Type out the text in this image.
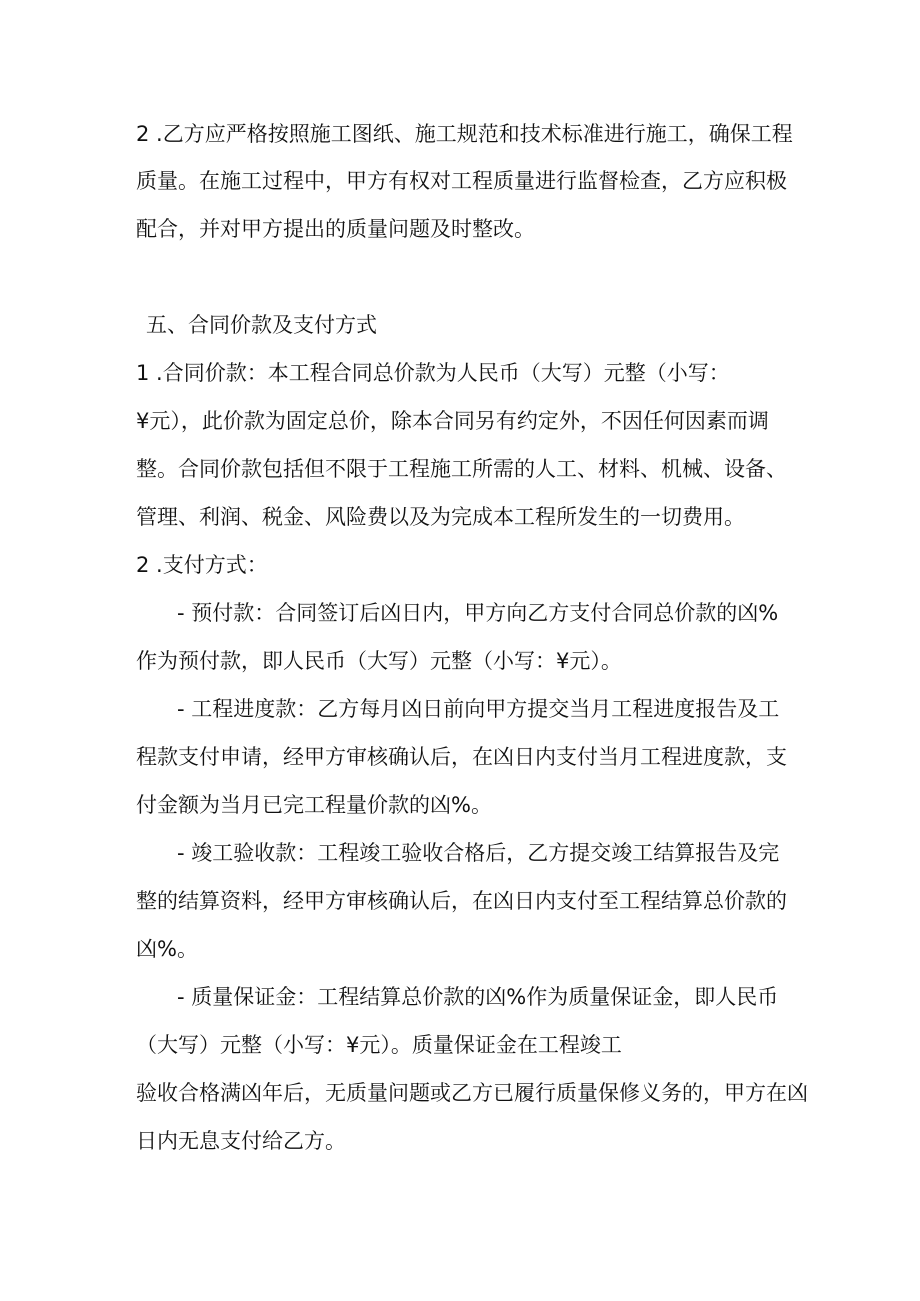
2 .乙方应严格按照施工图纸、施工规范和技术标准进行施工，确保工程
质量。在施工过程中，甲方有权对工程质量进行监督检查，乙方应积极
配合，并对甲方提出的质量问题及时整改。
五、合同价款及支付方式
1 .合同价款：本工程合同总价款为人民币（大写）元整（小写：
¥元），此价款为固定总价，除本合同另有约定外，不因任何因素而调
整。合同价款包括但不限于工程施工所需的人工、材料、机械、设备、
管理、利润、税金、风险费以及为完成本工程所发生的一切费用。
2 .支付方式：
- 预付款：合同签订后凶日内，甲方向乙方支付合同总价款的凶%
作为预付款，即人民币（大写）元整（小写：¥元）。
- 工程进度款：乙方每月凶日前向甲方提交当月工程进度报告及工
程款支付申请，经甲方审核确认后，在凶日内支付当月工程进度款，支
付金额为当月已完工程量价款的凶%。
- 竣工验收款：工程竣工验收合格后，乙方提交竣工结算报告及完
整的结算资料，经甲方审核确认后，在凶日内支付至工程结算总价款的
凶%。
- 质量保证金：工程结算总价款的凶%作为质量保证金，即人民币
（大写）元整（小写：¥元）。质量保证金在工程竣工
验收合格满凶年后，无质量问题或乙方已履行质量保修义务的，甲方在凶
日内无息支付给乙方。
